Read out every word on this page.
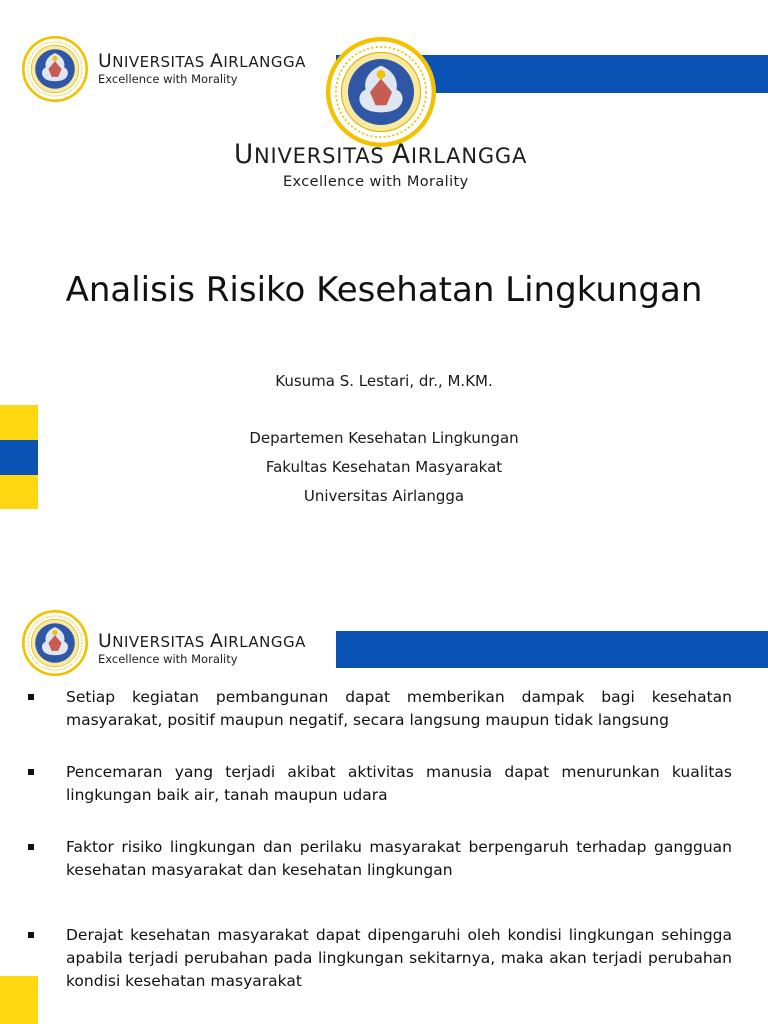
UNIVERSITAS AIRLANGGA
Excellence with Morality
UNIVERSITAS AIRLANGGA
Excellence with Morality
Analisis Risiko Kesehatan Lingkungan
Kusuma S. Lestari, dr., M.KM.
Departemen Kesehatan Lingkungan
Fakultas Kesehatan Masyarakat
Universitas Airlangga
UNIVERSITAS AIRLANGGA
Excellence with Morality
Setiap kegiatan pembangunan dapat memberikan dampak bagi kesehatan masyarakat, positif maupun negatif, secara langsung maupun tidak langsung
Pencemaran yang terjadi akibat aktivitas manusia dapat menurunkan kualitas lingkungan baik air, tanah maupun udara
Faktor risiko lingkungan dan perilaku masyarakat berpengaruh terhadap gangguan kesehatan masyarakat dan kesehatan lingkungan
Derajat kesehatan masyarakat dapat dipengaruhi oleh kondisi lingkungan sehingga apabila terjadi perubahan pada lingkungan sekitarnya, maka akan terjadi perubahan kondisi kesehatan masyarakat
